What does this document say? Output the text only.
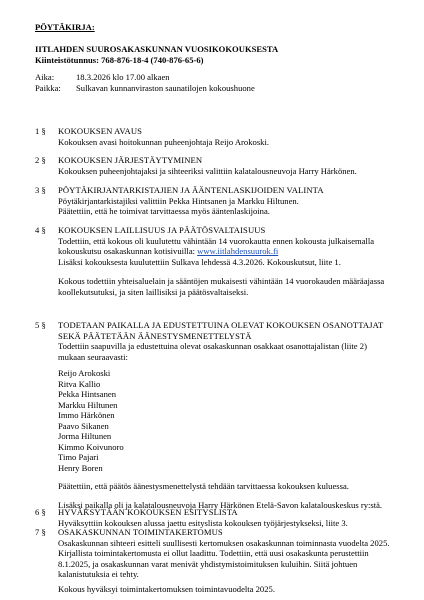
PÖYTÄKIRJA:

IITLAHDEN SUUROSAKASKUNNAN VUOSIKOKOUKSESTA
Kiinteistötunnus: 768-876-18-4 (740-876-65-6)

Aika:	18.3.2026 klo 17.00 alkaen

Paikka: Sulkavan kunnanviraston saunatilojen kokoushuone

1 §	KOKOUKSEN AVAUS

Kokouksen avasi hoitokunnan puheenjohtaja Reijo Arokoski.

2 §	KOKOUKSEN JÄRJESTÄYTYMINEN

Kokouksen puheenjohtajaksi ja sihteeriksi valittiin kalatalousneuvoja Harry Härkönen.

3 §	PÖYTÄKIRJANTARKISTAJIEN JA ÄÄNTENLASKIJOIDEN VALINTA

Pöytäkirjantarkistajiksi valittiin Pekka Hintsanen ja Markku Hiltunen.

Päätettiin, että he toimivat tarvittaessa myös ääntenlaskijoina.

4 §	KOKOUKSEN LAILLISUUS JA PÄÄTÖSVALTAISUUS

Todettiin, että kokous oli kuulutettu vähintään 14 vuorokautta ennen kokousta julkaisemalla

kokouskutsu osakaskunnan kotisivuilla: www.iitlahdensuurok.fi

Lisäksi kokouksesta kuulutettiin Sulkava lehdessä 4.3.2026. Kokouskutsut, liite 1.

Kokous todettiin yhteisaluelain ja sääntöjen mukaisesti vähintään 14 vuorokauden määräajassa

koollekutsutuksi, ja siten laillisiksi ja päätösvaltaiseksi.

5 §	TODETAAN PAIKALLA JA EDUSTETTUINA OLEVAT KOKOUKSEN OSANOTTAJAT

SEKÄ PÄÄTETÄÄN ÄÄNESTYSMENETTELYSTÄ

Todettiin saapuvilla ja edustettuina olevat osakaskunnan osakkaat osanottajalistan (liite 2)

mukaan seuraavasti:

Reijo Arokoski
Ritva Kallio
Pekka Hintsanen
Markku Hiltunen
Immo Härkönen
Paavo Sikanen
Jorma Hiltunen
Kimmo Koivunoro
Timo Pajari
Henry Boren

Päätettiin, että päätös äänestysmenettelystä tehdään tarvittaessa kokouksen kuluessa.

Lisäksi paikalla oli ja kalatalousneuvoja Harry Härkönen Etelä-Savon kalatalouskeskus ry:stä.

6 §	HYVÄKSYTÄÄN KOKOUKSEN ESITYSLISTA

Hyväksyttiin kokouksen alussa jaettu esityslista kokouksen työjärjestykseksi, liite 3.

7 §	OSAKASKUNNAN TOIMINTAKERTOMUS

Osakaskunnan sihteeri esitteli suullisesti kertomuksen osakaskunnan toiminnasta vuodelta 2025.

Kirjallista toimintakertomusta ei ollut laadittu. Todettiin, että uusi osakaskunta perustettiin

8.1.2025, ja osakaskunnan varat menivät yhdistymistoimituksen kuluihin. Siitä johtuen

kalanistutuksia ei tehty.

Kokous hyväksyi toimintakertomuksen toimintavuodelta 2025.
